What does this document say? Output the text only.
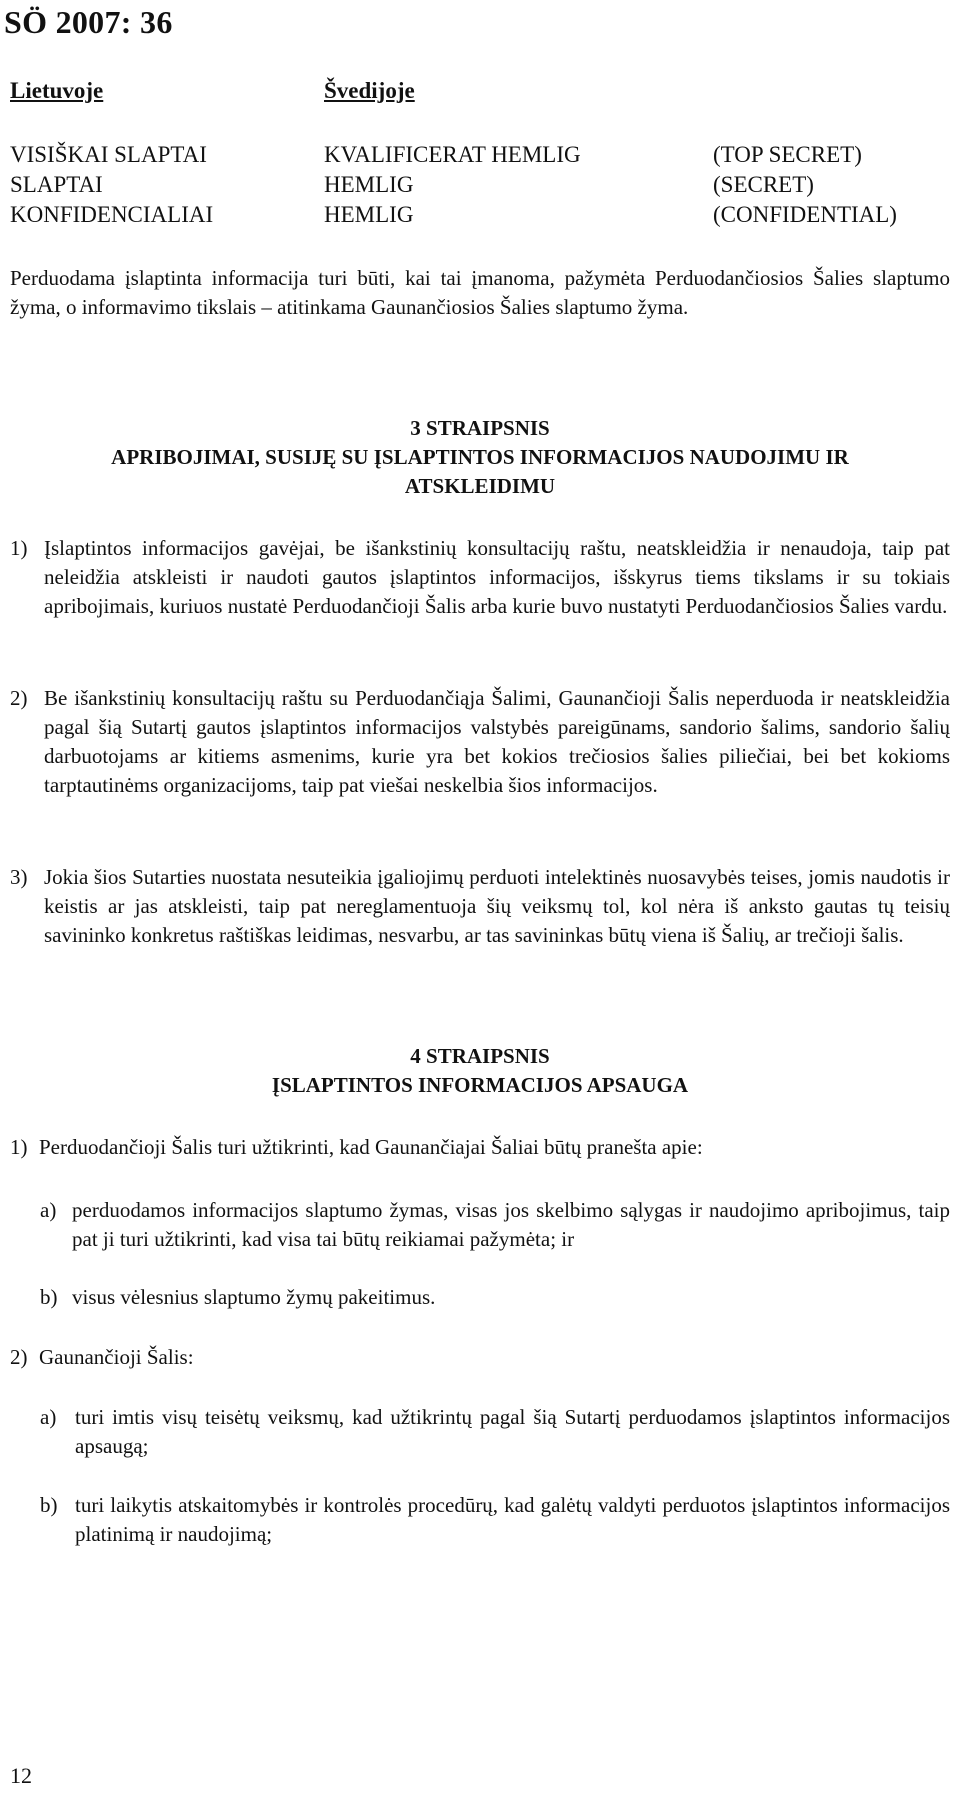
SÖ 2007: 36
Lietuvoje	Švedijoje
VISIŠKAI SLAPTAI	KVALIFICERAT HEMLIG	(TOP SECRET)
SLAPTAI	HEMLIG	(SECRET)
KONFIDENCIALIAI	HEMLIG	(CONFIDENTIAL)
Perduodama įslaptinta informacija turi būti, kai tai įmanoma, pažymėta Perduodančiosios Šalies slaptumo žyma, o informavimo tikslais – atitinkama Gaunančiosios Šalies slaptumo žyma.
3 STRAIPSNIS
APRIBOJIMAI, SUSIJĘ SU ĮSLAPTINTOS INFORMACIJOS NAUDOJIMU IR
ATSKLEIDIMU
1) Įslaptintos informacijos gavėjai, be išankstinių konsultacijų raštu, neatskleidžia ir nenaudoja, taip pat neleidžia atskleisti ir naudoti gautos įslaptintos informacijos, išskyrus tiems tikslams ir su tokiais apribojimais, kuriuos nustatė Perduodančioji Šalis arba kurie buvo nustatyti Perduodančiosios Šalies vardu.
2) Be išankstinių konsultacijų raštu su Perduodančiąja Šalimi, Gaunančioji Šalis neperduoda ir neatskleidžia pagal šią Sutartį gautos įslaptintos informacijos valstybės pareigūnams, sandorio šalims, sandorio šalių darbuotojams ar kitiems asmenims, kurie yra bet kokios trečiosios šalies piliečiai, bei bet kokioms tarptautinėms organizacijoms, taip pat viešai neskelbia šios informacijos.
3) Jokia šios Sutarties nuostata nesuteikia įgaliojimų perduoti intelektinės nuosavybės teises, jomis naudotis ir keistis ar jas atskleisti, taip pat nereglamentuoja šių veiksmų tol, kol nėra iš anksto gautas tų teisių savininko konkretus raštiškas leidimas, nesvarbu, ar tas savininkas būtų viena iš Šalių, ar trečioji šalis.
4 STRAIPSNIS
ĮSLAPTINTOS INFORMACIJOS APSAUGA
1) Perduodančioji Šalis turi užtikrinti, kad Gaunančiajai Šaliai būtų pranešta apie:
a) perduodamos informacijos slaptumo žymas, visas jos skelbimo sąlygas ir naudojimo apribojimus, taip pat ji turi užtikrinti, kad visa tai būtų reikiamai pažymėta; ir
b) visus vėlesnius slaptumo žymų pakeitimus.
2) Gaunančioji Šalis:
a) turi imtis visų teisėtų veiksmų, kad užtikrintų pagal šią Sutartį perduodamos įslaptintos informacijos apsaugą;
b) turi laikytis atskaitomybės ir kontrolės procedūrų, kad galėtų valdyti perduotos įslaptintos informacijos platinimą ir naudojimą;
12
